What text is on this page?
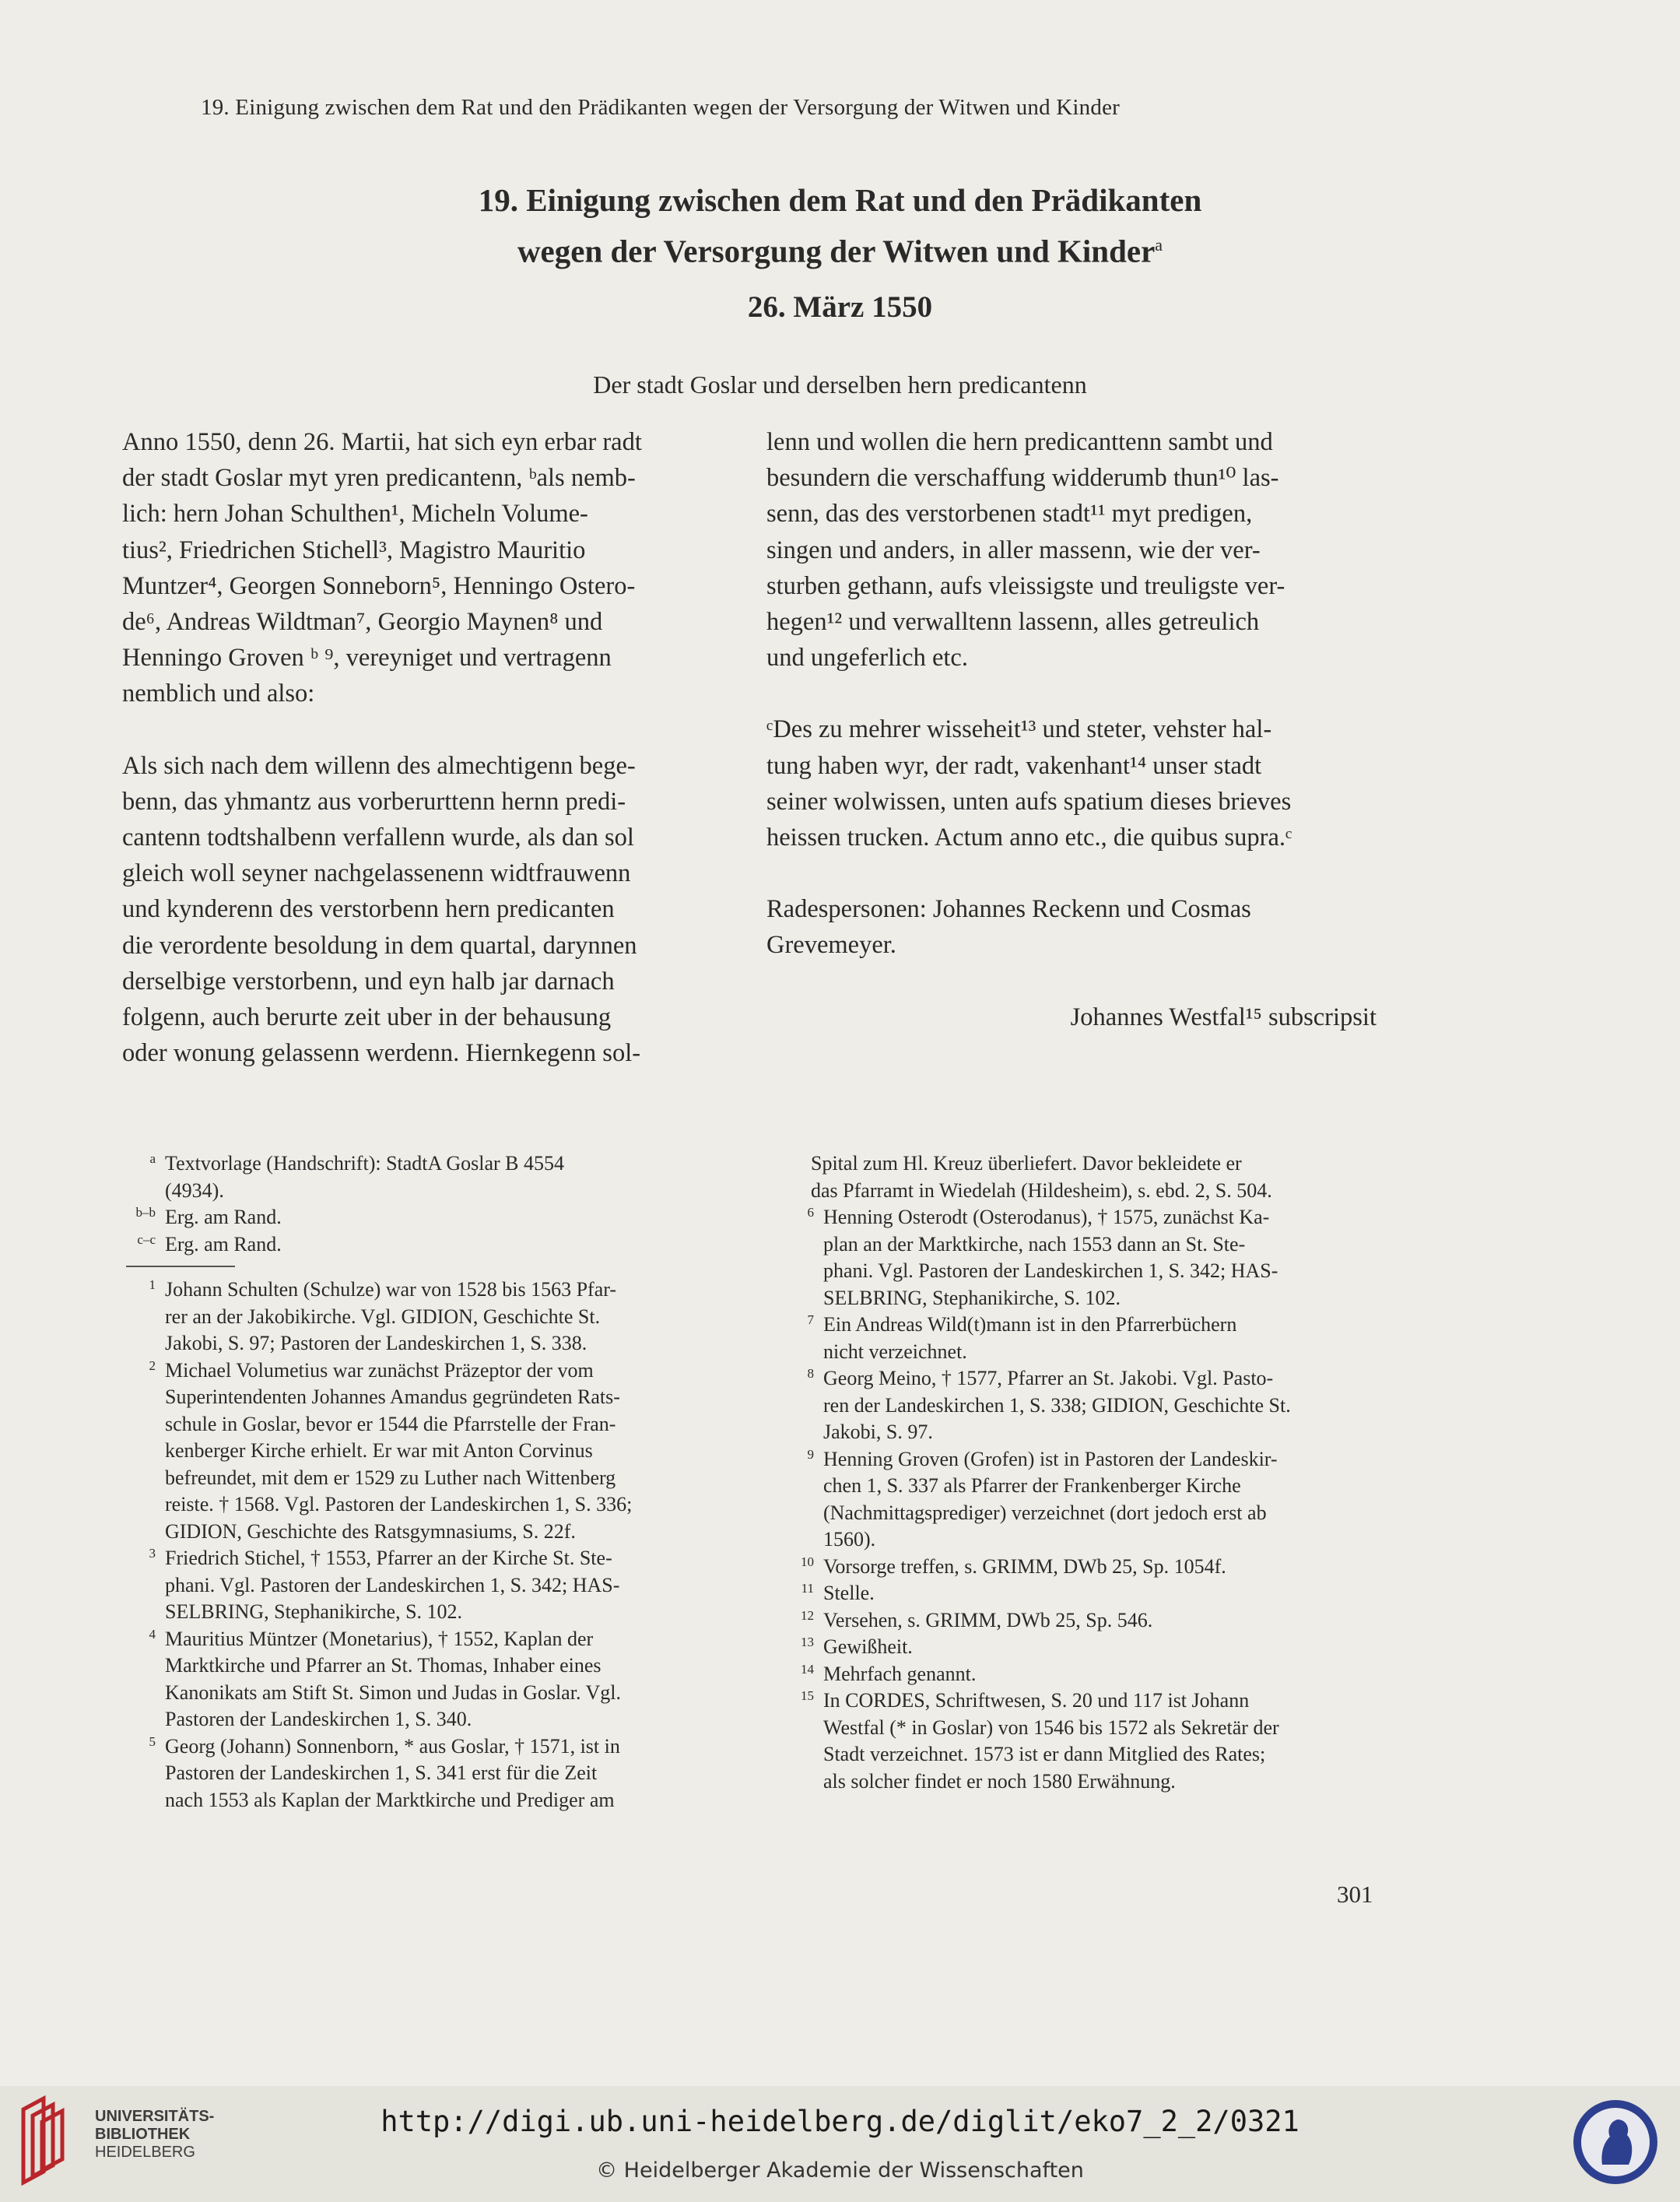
19. Einigung zwischen dem Rat und den Prädikanten wegen der Versorgung der Witwen und Kinder
19. Einigung zwischen dem Rat und den Prädikanten
wegen der Versorgung der Witwen und Kinder$^a$
26. März 1550
Der stadt Goslar und derselben hern predicantenn

Anno 1550, denn 26. Martii, hat sich eyn erbar radt
der stadt Goslar myt yren predicantenn, ᵇals nemb-
lich: hern Johan Schulthen¹, Micheln Volume-
tius², Friedrichen Stichell³, Magistro Mauritio
Muntzer⁴, Georgen Sonneborn⁵, Henningo Ostero-
de⁶, Andreas Wildtman⁷, Georgio Maynen⁸ und
Henningo Groven ᵇ ⁹, vereyniget und vertragenn
nemblich und also:

Als sich nach dem willenn des almechtigenn bege-
benn, das yhmantz aus vorberurttenn hernn predi-
cantenn todtshalbenn verfallenn wurde, als dan sol
gleich woll seyner nachgelassenenn widtfrauwenn
und kynderenn des verstorbenn hern predicanten
die verordente besoldung in dem quartal, darynnen
derselbige verstorbenn, und eyn halb jar darnach
folgenn, auch berurte zeit uber in der behausung
oder wonung gelassenn werdenn. Hiernkegenn sol-

lenn und wollen die hern predicanttenn sambt und
besundern die verschaffung widderumb thun¹⁰ las-
senn, das des verstorbenen stadt¹¹ myt predigen,
singen und anders, in aller massenn, wie der ver-
sturben gethann, aufs vleissigste und treuligste ver-
hegen¹² und verwalltenn lassenn, alles getreulich
und ungeferlich etc.

ᶜDes zu mehrer wisseheit¹³ und steter, vehster hal-
tung haben wyr, der radt, vakenhant¹⁴ unser stadt
seiner wolwissen, unten aufs spatium dieses brieves
heissen trucken. Actum anno etc., die quibus supra.ᶜ

Radespersonen: Johannes Reckenn und Cosmas
Grevemeyer.

Johannes Westfal¹⁵ subscripsit

a Textvorlage (Handschrift): StadtA Goslar B 4554
(4934).
b–b Erg. am Rand.
c–c Erg. am Rand.
1 Johann Schulten (Schulze) war von 1528 bis 1563 Pfar-
rer an der Jakobikirche. Vgl. GIDION, Geschichte St.
Jakobi, S. 97; Pastoren der Landeskirchen 1, S. 338.
2 Michael Volumetius war zunächst Präzeptor der vom
Superintendenten Johannes Amandus gegründeten Rats-
schule in Goslar, bevor er 1544 die Pfarrstelle der Fran-
kenberger Kirche erhielt. Er war mit Anton Corvinus
befreundet, mit dem er 1529 zu Luther nach Wittenberg
reiste. † 1568. Vgl. Pastoren der Landeskirchen 1, S. 336;
GIDION, Geschichte des Ratsgymnasiums, S. 22f.
3 Friedrich Stichel, † 1553, Pfarrer an der Kirche St. Ste-
phani. Vgl. Pastoren der Landeskirchen 1, S. 342; HAS-
SELBRING, Stephanikirche, S. 102.
4 Mauritius Müntzer (Monetarius), † 1552, Kaplan der
Marktkirche und Pfarrer an St. Thomas, Inhaber eines
Kanonikats am Stift St. Simon und Judas in Goslar. Vgl.
Pastoren der Landeskirchen 1, S. 340.
5 Georg (Johann) Sonnenborn, * aus Goslar, † 1571, ist in
Pastoren der Landeskirchen 1, S. 341 erst für die Zeit
nach 1553 als Kaplan der Marktkirche und Prediger am
Spital zum Hl. Kreuz überliefert. Davor bekleidete er
das Pfarramt in Wiedelah (Hildesheim), s. ebd. 2, S. 504.
6 Henning Osterodt (Osterodanus), † 1575, zunächst Ka-
plan an der Marktkirche, nach 1553 dann an St. Ste-
phani. Vgl. Pastoren der Landeskirchen 1, S. 342; HAS-
SELBRING, Stephanikirche, S. 102.
7 Ein Andreas Wild(t)mann ist in den Pfarrerbüchern
nicht verzeichnet.
8 Georg Meino, † 1577, Pfarrer an St. Jakobi. Vgl. Pasto-
ren der Landeskirchen 1, S. 338; GIDION, Geschichte St.
Jakobi, S. 97.
9 Henning Groven (Grofen) ist in Pastoren der Landeskir-
chen 1, S. 337 als Pfarrer der Frankenberger Kirche
(Nachmittagsprediger) verzeichnet (dort jedoch erst ab
1560).
10 Vorsorge treffen, s. GRIMM, DWb 25, Sp. 1054f.
11 Stelle.
12 Versehen, s. GRIMM, DWb 25, Sp. 546.
13 Gewißheit.
14 Mehrfach genannt.
15 In CORDES, Schriftwesen, S. 20 und 117 ist Johann
Westfal (* in Goslar) von 1546 bis 1572 als Sekretär der
Stadt verzeichnet. 1573 ist er dann Mitglied des Rates;
als solcher findet er noch 1580 Erwähnung.
301
UNIVERSITÄTS-
BIBLIOTHEK
HEIDELBERG
http://digi.ub.uni-heidelberg.de/diglit/eko7_2_2/0321
© Heidelberger Akademie der Wissenschaften
